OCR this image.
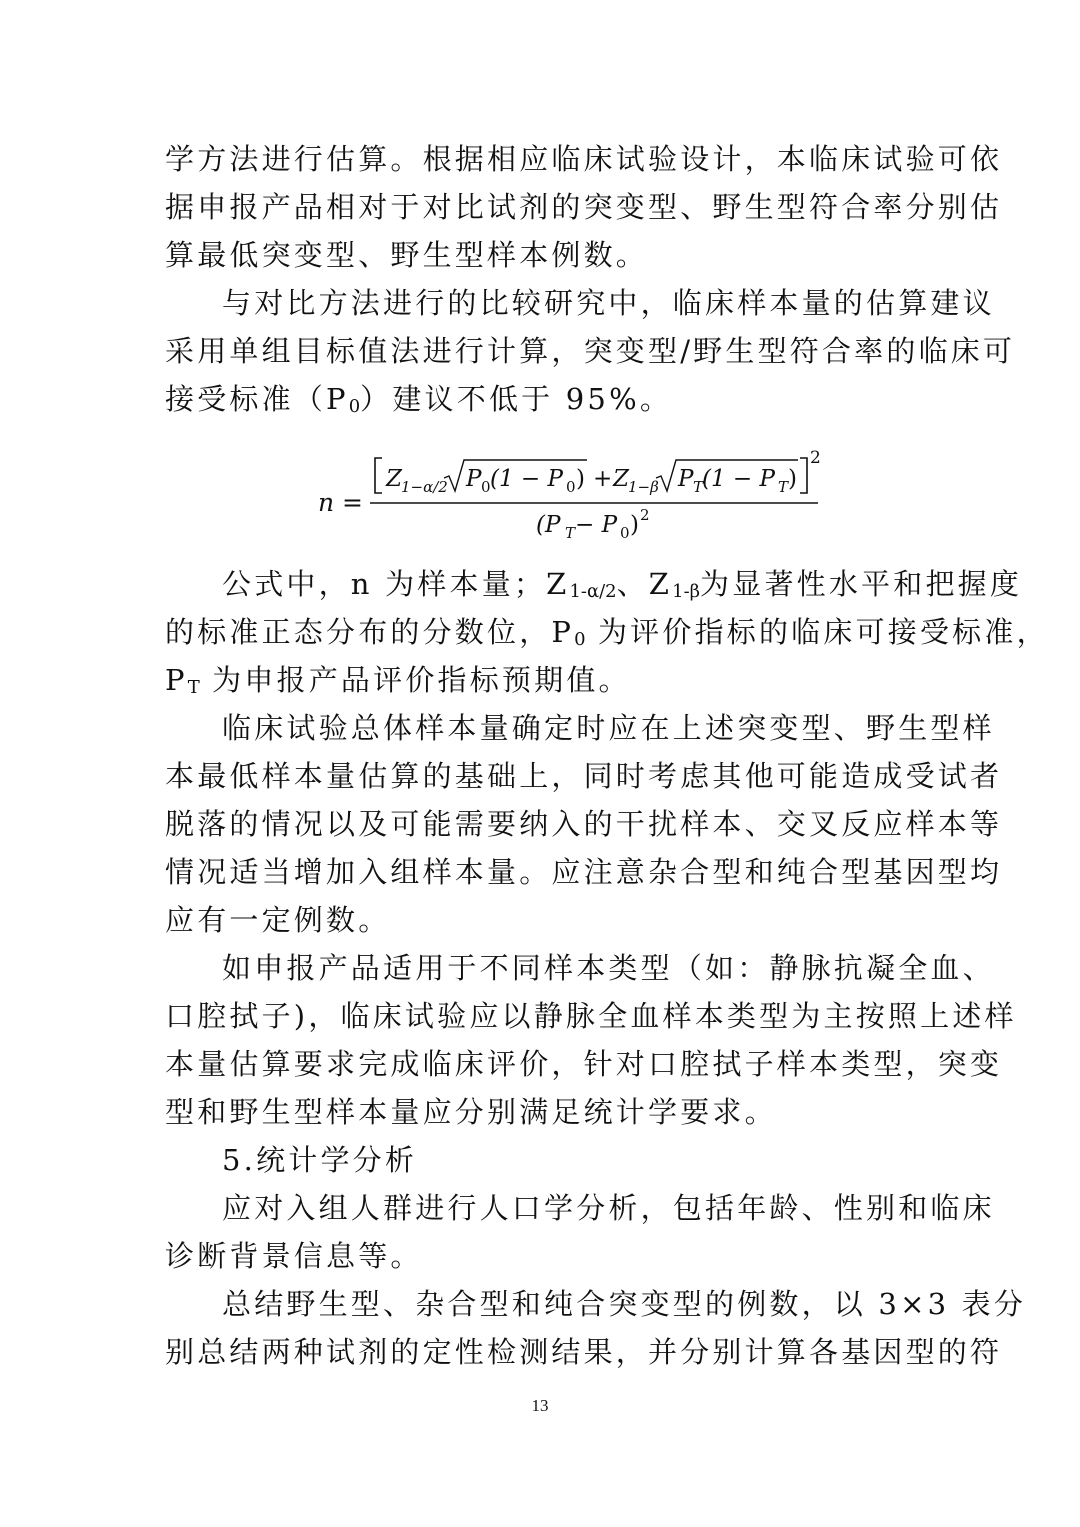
学方法进行估算。根据相应临床试验设计，本临床试验可依
据申报产品相对于对比试剂的突变型、野生型符合率分别估
算最低突变型、野生型样本例数。
与对比方法进行的比较研究中，临床样本量的估算建议
采用单组目标值法进行计算，突变型/野生型符合率的临床可
接受标准$(P_0)$建议不低于 95%。
n =
2
Z 1−α/2 P 0 (1 − P 0 ) + Z 1−β P T
(1 − P T )
(P T − P 0 ) 2
公式中，n 为样本量；$Z_{1-\alpha/2}$、$Z_{1-\beta}$为显著性水平和把握度
的标准正态分布的分数位，$P_0$ 为评价指标的临床可接受标准，
$P_T$ 为申报产品评价指标预期值。
临床试验总体样本量确定时应在上述突变型、野生型样
本最低样本量估算的基础上，同时考虑其他可能造成受试者
脱落的情况以及可能需要纳入的干扰样本、交叉反应样本等
情况适当增加入组样本量。应注意杂合型和纯合型基因型均
应有一定例数。
如申报产品适用于不同样本类型（如：静脉抗凝全血、
口腔拭子)，临床试验应以静脉全血样本类型为主按照上述样
本量估算要求完成临床评价，针对口腔拭子样本类型，突变
型和野生型样本量应分别满足统计学要求。
5.统计学分析
应对入组人群进行人口学分析，包括年龄、性别和临床
诊断背景信息等。
总结野生型、杂合型和纯合突变型的例数，以 3×3 表分
别总结两种试剂的定性检测结果，并分别计算各基因型的符
13
